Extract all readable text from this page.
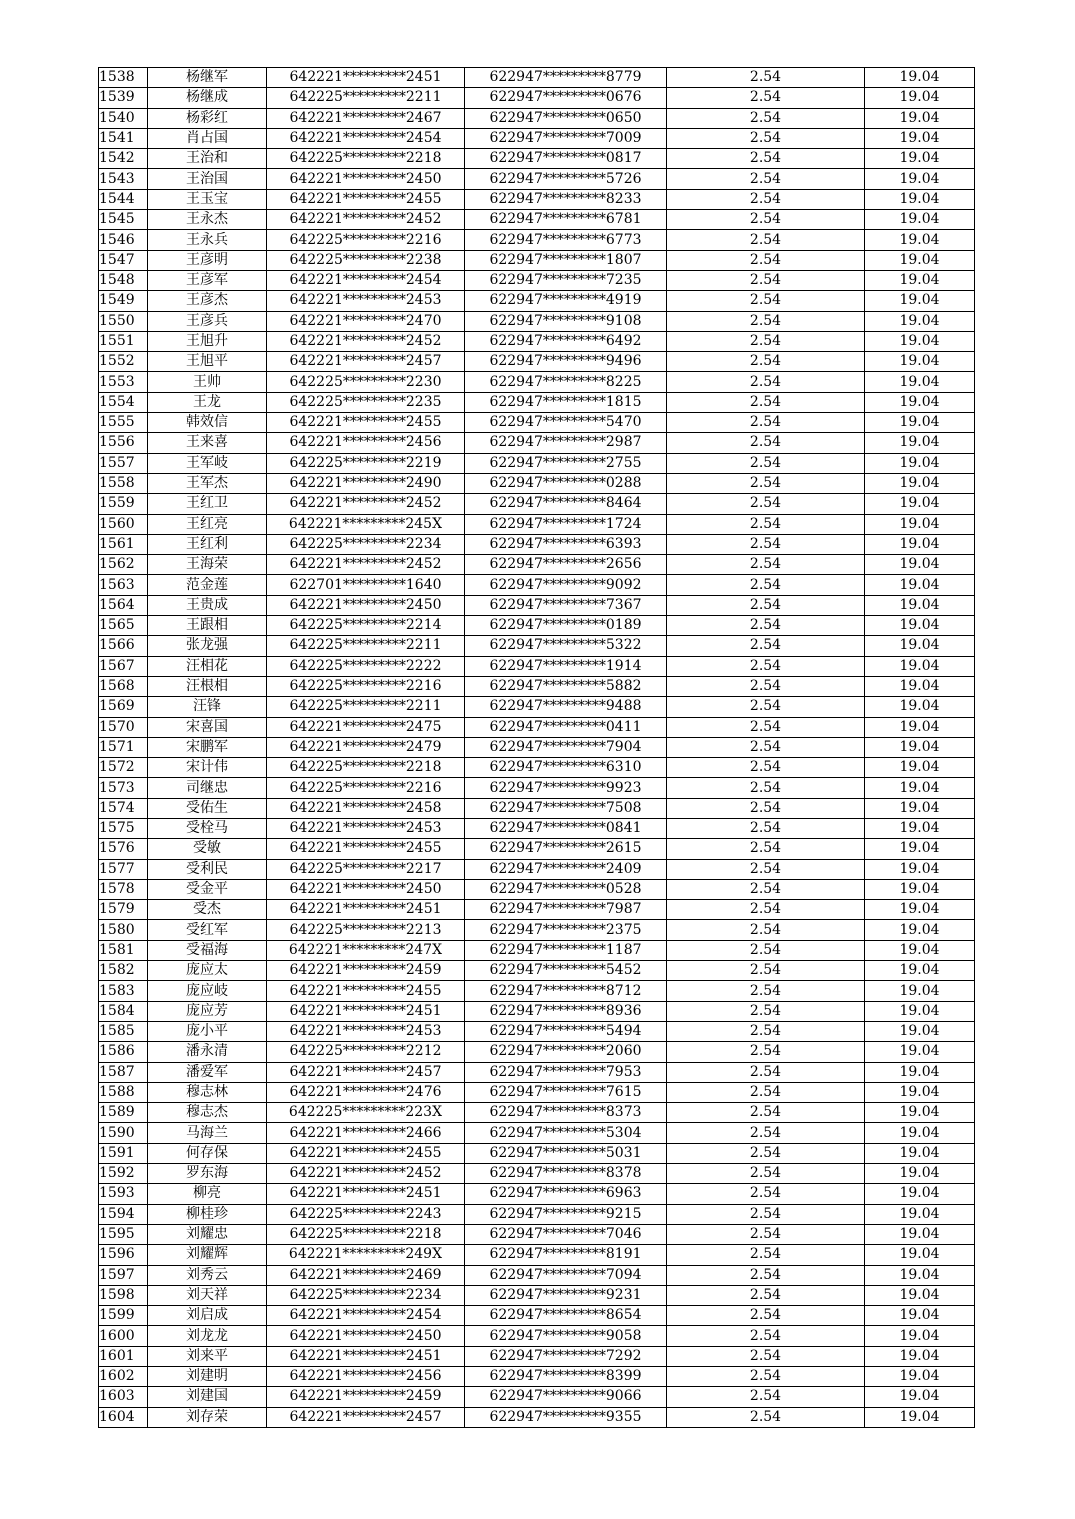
1538	杨继军	642221*********2451	622947*********8779	2.54	19.04
1539	杨继成	642225*********2211	622947*********0676	2.54	19.04
1540	杨彩红	642221*********2467	622947*********0650	2.54	19.04
1541	肖占国	642221*********2454	622947*********7009	2.54	19.04
1542	王治和	642225*********2218	622947*********0817	2.54	19.04
1543	王治国	642221*********2450	622947*********5726	2.54	19.04
1544	王玉宝	642221*********2455	622947*********8233	2.54	19.04
1545	王永杰	642221*********2452	622947*********6781	2.54	19.04
1546	王永兵	642225*********2216	622947*********6773	2.54	19.04
1547	王彦明	642225*********2238	622947*********1807	2.54	19.04
1548	王彦军	642221*********2454	622947*********7235	2.54	19.04
1549	王彦杰	642221*********2453	622947*********4919	2.54	19.04
1550	王彦兵	642221*********2470	622947*********9108	2.54	19.04
1551	王旭升	642221*********2452	622947*********6492	2.54	19.04
1552	王旭平	642221*********2457	622947*********9496	2.54	19.04
1553	王帅	642225*********2230	622947*********8225	2.54	19.04
1554	王龙	642225*********2235	622947*********1815	2.54	19.04
1555	韩效信	642221*********2455	622947*********5470	2.54	19.04
1556	王来喜	642221*********2456	622947*********2987	2.54	19.04
1557	王军岐	642225*********2219	622947*********2755	2.54	19.04
1558	王军杰	642221*********2490	622947*********0288	2.54	19.04
1559	王红卫	642221*********2452	622947*********8464	2.54	19.04
1560	王红亮	642221*********245X	622947*********1724	2.54	19.04
1561	王红利	642225*********2234	622947*********6393	2.54	19.04
1562	王海荣	642221*********2452	622947*********2656	2.54	19.04
1563	范金莲	622701*********1640	622947*********9092	2.54	19.04
1564	王贵成	642221*********2450	622947*********7367	2.54	19.04
1565	王跟相	642225*********2214	622947*********0189	2.54	19.04
1566	张龙强	642225*********2211	622947*********5322	2.54	19.04
1567	汪相花	642225*********2222	622947*********1914	2.54	19.04
1568	汪根相	642225*********2216	622947*********5882	2.54	19.04
1569	汪锋	642225*********2211	622947*********9488	2.54	19.04
1570	宋喜国	642221*********2475	622947*********0411	2.54	19.04
1571	宋鹏军	642221*********2479	622947*********7904	2.54	19.04
1572	宋计伟	642225*********2218	622947*********6310	2.54	19.04
1573	司继忠	642225*********2216	622947*********9923	2.54	19.04
1574	受佑生	642221*********2458	622947*********7508	2.54	19.04
1575	受栓马	642221*********2453	622947*********0841	2.54	19.04
1576	受敏	642221*********2455	622947*********2615	2.54	19.04
1577	受利民	642225*********2217	622947*********2409	2.54	19.04
1578	受金平	642221*********2450	622947*********0528	2.54	19.04
1579	受杰	642221*********2451	622947*********7987	2.54	19.04
1580	受红军	642225*********2213	622947*********2375	2.54	19.04
1581	受福海	642221*********247X	622947*********1187	2.54	19.04
1582	庞应太	642221*********2459	622947*********5452	2.54	19.04
1583	庞应岐	642221*********2455	622947*********8712	2.54	19.04
1584	庞应芳	642221*********2451	622947*********8936	2.54	19.04
1585	庞小平	642221*********2453	622947*********5494	2.54	19.04
1586	潘永清	642225*********2212	622947*********2060	2.54	19.04
1587	潘爱军	642221*********2457	622947*********7953	2.54	19.04
1588	穆志林	642221*********2476	622947*********7615	2.54	19.04
1589	穆志杰	642225*********223X	622947*********8373	2.54	19.04
1590	马海兰	642221*********2466	622947*********5304	2.54	19.04
1591	何存保	642221*********2455	622947*********5031	2.54	19.04
1592	罗东海	642221*********2452	622947*********8378	2.54	19.04
1593	柳亮	642221*********2451	622947*********6963	2.54	19.04
1594	柳桂珍	642225*********2243	622947*********9215	2.54	19.04
1595	刘耀忠	642225*********2218	622947*********7046	2.54	19.04
1596	刘耀辉	642221*********249X	622947*********8191	2.54	19.04
1597	刘秀云	642221*********2469	622947*********7094	2.54	19.04
1598	刘天祥	642225*********2234	622947*********9231	2.54	19.04
1599	刘启成	642221*********2454	622947*********8654	2.54	19.04
1600	刘龙龙	642221*********2450	622947*********9058	2.54	19.04
1601	刘来平	642221*********2451	622947*********7292	2.54	19.04
1602	刘建明	642221*********2456	622947*********8399	2.54	19.04
1603	刘建国	642221*********2459	622947*********9066	2.54	19.04
1604	刘存荣	642221*********2457	622947*********9355	2.54	19.04
